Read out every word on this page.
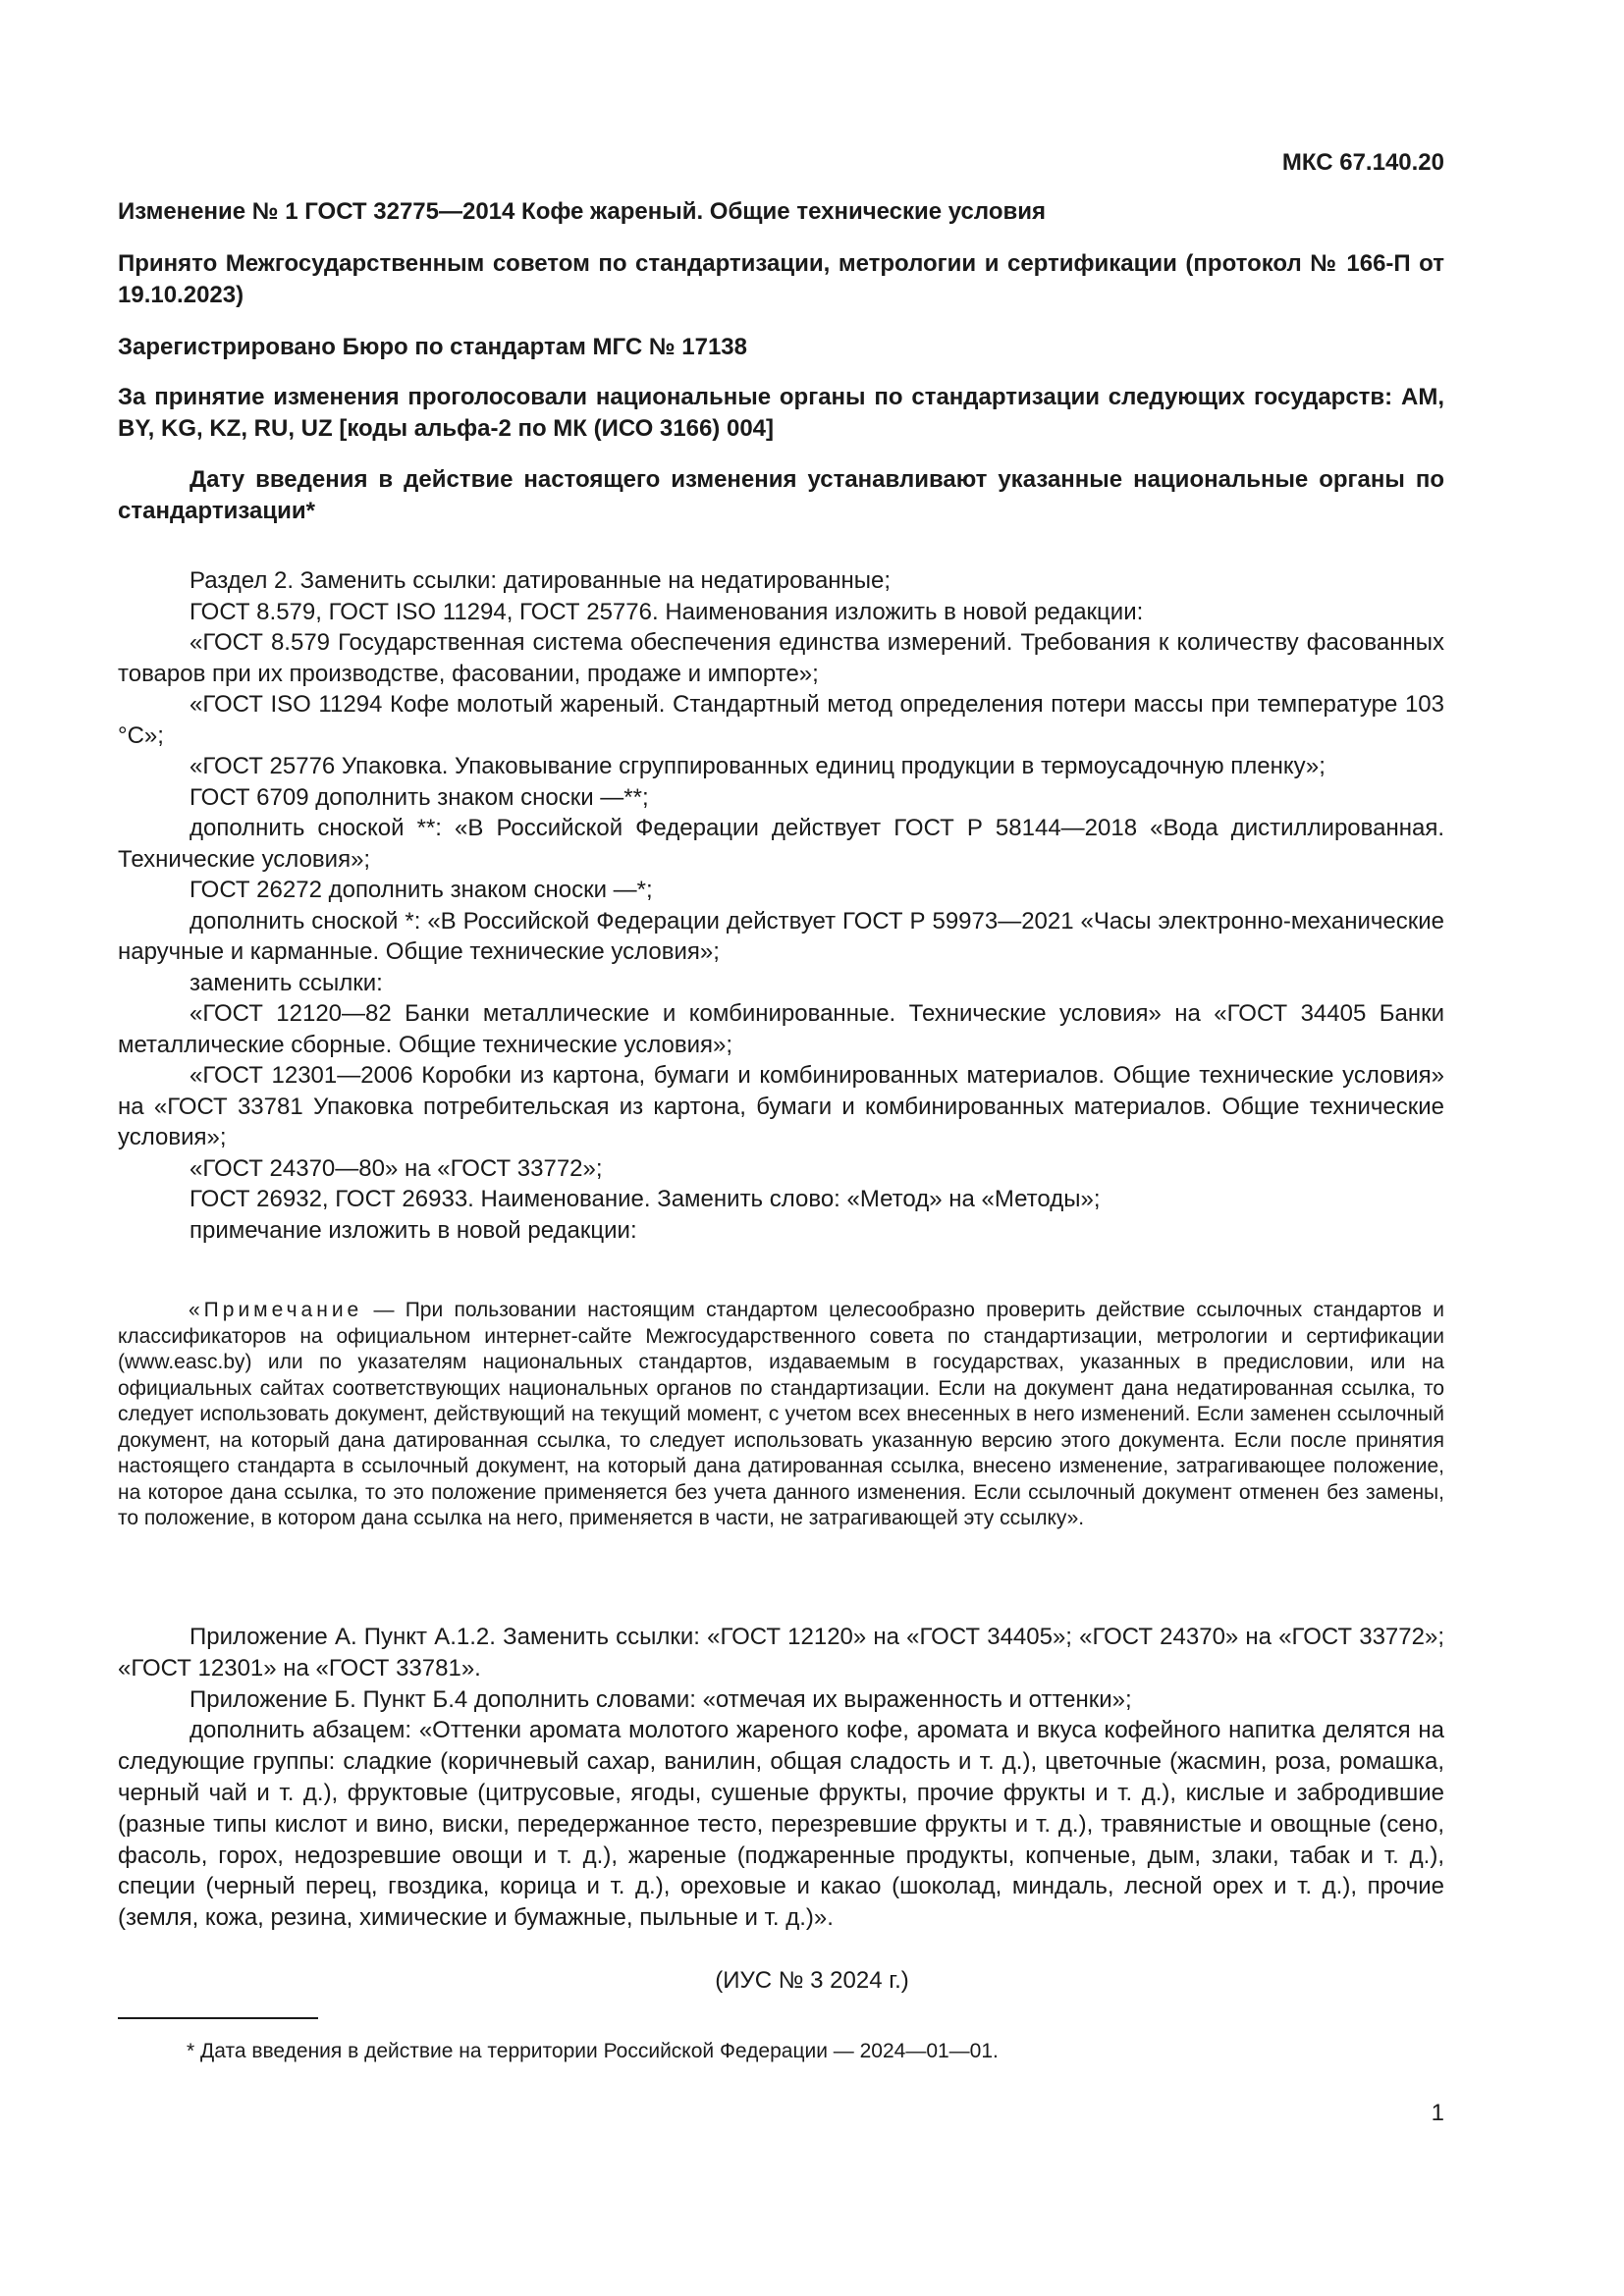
МКС 67.140.20

Изменение № 1 ГОСТ 32775—2014 Кофе жареный. Общие технические условия

Принято Межгосударственным советом по стандартизации, метрологии и сертификации (протокол № 166-П от 19.10.2023)

Зарегистрировано Бюро по стандартам МГС № 17138

За принятие изменения проголосовали национальные органы по стандартизации следующих государств: AM, BY, KG, KZ, RU, UZ [коды альфа-2 по МК (ИСО 3166) 004]

Дату введения в действие настоящего изменения устанавливают указанные национальные органы по стандартизации*

Раздел 2. Заменить ссылки: датированные на недатированные;

ГОСТ 8.579, ГОСТ ISO 11294, ГОСТ 25776. Наименования изложить в новой редакции:

«ГОСТ 8.579 Государственная система обеспечения единства измерений. Требования к количеству фасованных товаров при их производстве, фасовании, продаже и импорте»;

«ГОСТ ISO 11294 Кофе молотый жареный. Стандартный метод определения потери массы при температуре 103 °С»;

«ГОСТ 25776 Упаковка. Упаковывание сгруппированных единиц продукции в термоусадочную пленку»;

ГОСТ 6709 дополнить знаком сноски —**;

дополнить сноской **: «В Российской Федерации действует ГОСТ Р 58144—2018 «Вода дистиллированная. Технические условия»;

ГОСТ 26272 дополнить знаком сноски —*;

дополнить сноской *: «В Российской Федерации действует ГОСТ Р 59973—2021 «Часы электронно-механические наручные и карманные. Общие технические условия»;

заменить ссылки:

«ГОСТ 12120—82 Банки металлические и комбинированные. Технические условия» на «ГОСТ 34405 Банки металлические сборные. Общие технические условия»;

«ГОСТ 12301—2006 Коробки из картона, бумаги и комбинированных материалов. Общие технические условия» на «ГОСТ 33781 Упаковка потребительская из картона, бумаги и комбинированных материалов. Общие технические условия»;

«ГОСТ 24370—80» на «ГОСТ 33772»;

ГОСТ 26932, ГОСТ 26933. Наименование. Заменить слово: «Метод» на «Методы»;

примечание изложить в новой редакции:

«Примечание — При пользовании настоящим стандартом целесообразно проверить действие ссылочных стандартов и классификаторов на официальном интернет-сайте Межгосударственного совета по стандартизации, метрологии и сертификации (www.easc.by) или по указателям национальных стандартов, издаваемым в государствах, указанных в предисловии, или на официальных сайтах соответствующих национальных органов по стандартизации. Если на документ дана недатированная ссылка, то следует использовать документ, действующий на текущий момент, с учетом всех внесенных в него изменений. Если заменен ссылочный документ, на который дана датированная ссылка, то следует использовать указанную версию этого документа. Если после принятия настоящего стандарта в ссылочный документ, на который дана датированная ссылка, внесено изменение, затрагивающее положение, на которое дана ссылка, то это положение применяется без учета данного изменения. Если ссылочный документ отменен без замены, то положение, в котором дана ссылка на него, применяется в части, не затрагивающей эту ссылку».

Приложение А. Пункт А.1.2. Заменить ссылки: «ГОСТ 12120» на «ГОСТ 34405»; «ГОСТ 24370» на «ГОСТ 33772»; «ГОСТ 12301» на «ГОСТ 33781».

Приложение Б. Пункт Б.4 дополнить словами: «отмечая их выраженность и оттенки»;

дополнить абзацем: «Оттенки аромата молотого жареного кофе, аромата и вкуса кофейного напитка делятся на следующие группы: сладкие (коричневый сахар, ванилин, общая сладость и т. д.), цветочные (жасмин, роза, ромашка, черный чай и т. д.), фруктовые (цитрусовые, ягоды, сушеные фрукты, прочие фрукты и т. д.), кислые и забродившие (разные типы кислот и вино, виски, передержанное тесто, перезревшие фрукты и т. д.), травянистые и овощные (сено, фасоль, горох, недозревшие овощи и т. д.), жареные (поджаренные продукты, копченые, дым, злаки, табак и т. д.), специи (черный перец, гвоздика, корица и т. д.), ореховые и какао (шоколад, миндаль, лесной орех и т. д.), прочие (земля, кожа, резина, химические и бумажные, пыльные и т. д.)».

(ИУС № 3 2024 г.)

* Дата введения в действие на территории Российской Федерации — 2024—01—01.

1
